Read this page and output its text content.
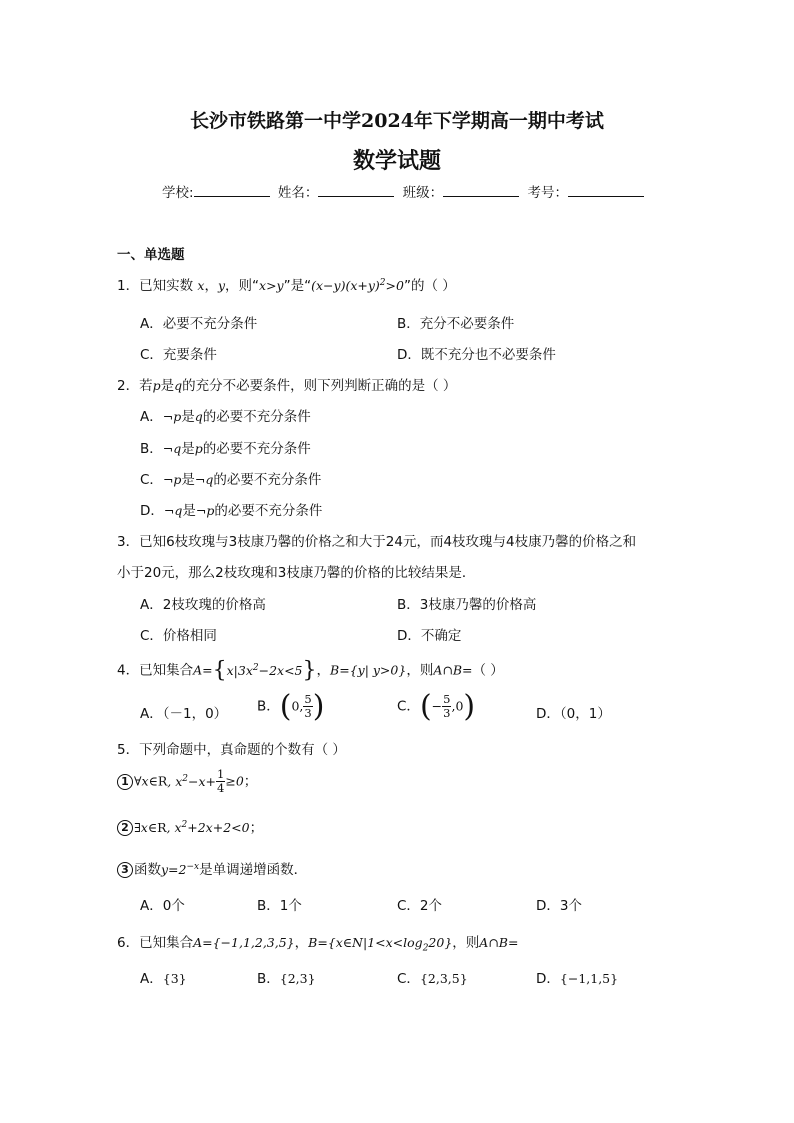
长沙市铁路第一中学2024年下学期高一期中考试
数学试题
学校:	姓名：	班级：	考号：
一、单选题
1．已知实数 x，y，则“x>y”是“$(x-y)(x+y)^2>0$”的（ ）
A．必要不充分条件	B．充分不必要条件
C．充要条件	D．既不充分也不必要条件
2．若p是q的充分不必要条件，则下列判断正确的是（ ）
A．¬p是q的必要不充分条件
B．¬q是p的必要不充分条件
C．¬p是¬q的必要不充分条件
D．¬q是¬p的必要不充分条件
3．已知6枝玫瑰与3枝康乃馨的价格之和大于24元，而4枝玫瑰与4枝康乃馨的价格之和
小于20元，那么2枝玫瑰和3枝康乃馨的价格的比较结果是．
A．2枝玫瑰的价格高	B．3枝康乃馨的价格高
C．价格相同	D．不确定
4．已知集合$A=\{x|3x^2-2x<5\}$，B={y| y>0}，则A∩B=（ ）
A．（－1，0） B．(0, $\frac{5}{3}$ )	C．(− $\frac{5}{3} ,0$)	D．（0，1）
5．下列命题中，真命题的个数有（ ）
1 ∀x∈R, $x^2-x+ \frac{1}{4} \ge 0$；
2 ∃x∈R, $x^2+2x+2<0$；
3 函数$y=2^{-x}$是单调递增函数．
A．0个	B．1个	C．2个	D．3个
6．已知集合A={−1,1,2,3,5}，$B=\{x\in N|1<x<\log_220\}$，则A∩B=
A．{3}	B．{2,3}	C．{2,3,5}	D．{−1,1,5}
